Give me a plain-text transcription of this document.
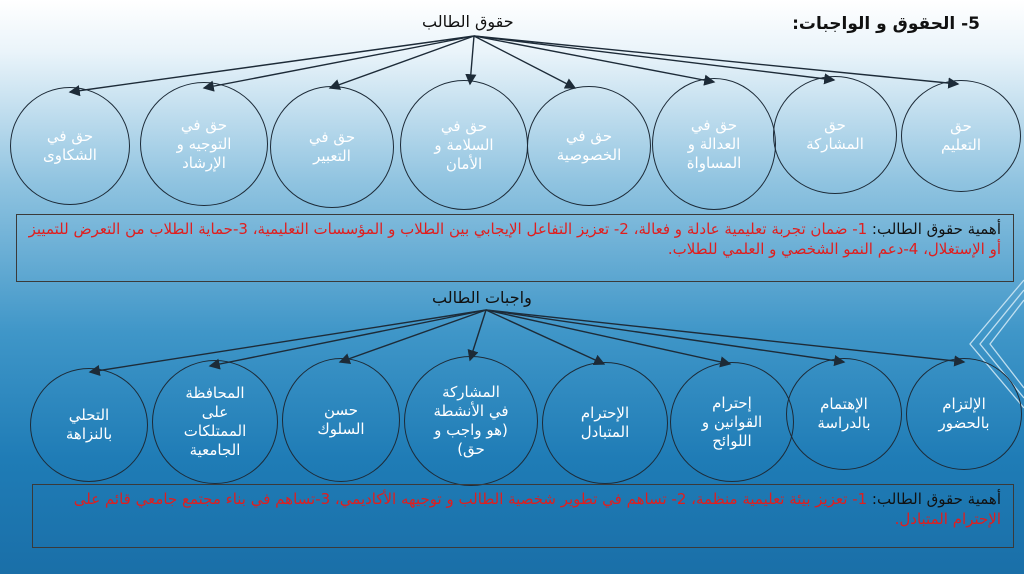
5- الحقوق و الواجبات:
حقوق الطالب
واجبات الطالب
حق في
الشكاوى
حق في
التوجيه و
الإرشاد
حق في
التعبير
حق في
السلامة و
الأمان
حق في
الخصوصية
حق في
العدالة و
المساواة
حق
المشاركة
حق
التعليم
أهمية حقوق الطالب: 1- ضمان تجربة تعليمية عادلة و فعالة، 2- تعزيز التفاعل الإيجابي بين الطلاب و المؤسسات التعليمية، 3-حماية الطلاب من التعرض للتمييز أو الإستغلال، 4-دعم النمو الشخصي و العلمي للطلاب.
التحلي
بالنزاهة
المحافظة
على
الممتلكات
الجامعية
حسن
السلوك
المشاركة
في الأنشطة
(هو واجب و
حق)
الإحترام
المتبادل
إحترام
القوانين و
اللوائح
الإهتمام
بالدراسة
الإلتزام
بالحضور
أهمية حقوق الطالب: 1- تعزيز بيئة تعليمية منظمة، 2- تساهم في تطوير شخصية الطالب و توجيهه الأكاديمي، 3-تساهم في بناء مجتمع جامعي قائم على الإحترام المتبادل.
